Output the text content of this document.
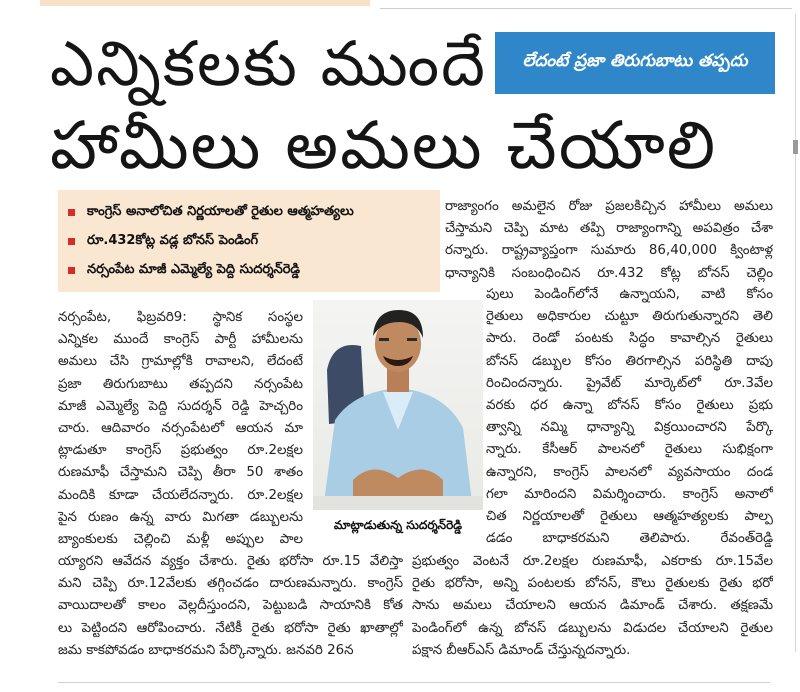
ఎన్నికలకు ముందే
హామీలు అమలు చేయాలి
లేదంటే ప్రజా తిరుగుబాటు తప్పదు
కాంగ్రెస్ అనాలోచిత నిర్ణయాలతో రైతుల ఆత్మహత్యలు
రూ.432కోట్ల వడ్ల బోనస్ పెండింగ్
నర్సంపేట మాజీ ఎమ్మెల్యే పెద్ది సుదర్శన్‌రెడ్డి
నర్సంపేట, ఫిబ్రవరి9: స్థానిక సంస్థల
ఎన్నికల ముందే కాంగ్రెస్ పార్టీ హామీలను
అమలు చేసి గ్రామాల్లోకి రావాలని, లేదంటే
ప్రజా తిరుగుబాటు తప్పదని నర్సంపేట
మాజీ ఎమ్మెల్యే పెద్ది సుదర్శన్ రెడ్డి హెచ్చరిం
చారు. ఆదివారం నర్సంపేటలో ఆయన మా
ట్లాడుతూ కాంగ్రెస్ ప్రభుత్వం రూ.2లక్షల
రుణమాఫీ చేస్తామని చెప్పి తీరా 50 శాతం
మందికి కూడా చేయలేదన్నారు. రూ.2లక్షల
పైన రుణం ఉన్న వారు మిగతా డబ్బులను
బ్యాంకులకు చెల్లించి మళ్లీ అప్పుల పాల
య్యారని ఆవేదన వ్యక్తం చేశారు. రైతు భరోసా రూ.15 వేలిస్తా
మని చెప్పి రూ.12వేలకు తగ్గించడం దారుణమన్నారు. కాంగ్రెస్
వాయిదాలతో కాలం వెల్లదీస్తుందని, పెట్టుబడి సాయానికి కోత
లు పెట్టిందని ఆరోపించారు. నేటికీ రైతు భరోసా రైతు ఖాతాల్లో
జమ కాకపోవడం బాధాకరమని పేర్కొన్నారు. జనవరి 26న
రాజ్యాంగం అమలైన రోజు ప్రజలకిచ్చిన హామీలు అమలు
చేస్తామని చెప్పి మాట తప్పి రాజ్యాంగాన్ని అపవిత్రం చేశా
రన్నారు. రాష్ట్రవ్యాప్తంగా సుమారు 86,40,000 క్వింటాళ్ల
ధాన్యానికి సంబంధించిన రూ.432 కోట్ల బోనస్ చెల్లిం
పులు పెండింగ్‌లోనే ఉన్నాయని, వాటి కోసం
రైతులు అధికారుల చుట్టూ తిరుగుతున్నారని తెలి
పారు. రెండో పంటకు సిద్ధం కావాల్సిన రైతులు
బోనస్ డబ్బుల కోసం తిరగాల్సిన పరిస్థితి దాపు
రించిందన్నారు. ప్రైవేట్ మార్కెట్‌లో రూ.3వేల
వరకు ధర ఉన్నా బోనస్ కోసం రైతులు ప్రభు
త్వాన్ని నమ్మి ధాన్యాన్ని విక్రయించారని పేర్కొ
న్నారు. కేసీఆర్ పాలనలో రైతులు సుభిక్షంగా
ఉన్నారని, కాంగ్రెస్ పాలనలో వ్యవసాయం దండ
గలా మారిందని విమర్శించారు. కాంగ్రెస్ అనాలో
చిత నిర్ణయాలతో రైతులు ఆత్మహత్యలకు పాల్ప
డడం బాధాకరమని తెలిపారు. రేవంత్‌రెడ్డి
ప్రభుత్వం వెంటనే రూ.2లక్షల రుణమాఫీ, ఎకరాకు రూ.15వేల
రైతు భరోసా, అన్ని పంటలకు బోనస్, కౌలు రైతులకు రైతు భరో
సాను అమలు చేయాలని ఆయన డిమాండ్ చేశారు. తక్షణమే
పెండింగ్‌లో ఉన్న బోనస్ డబ్బులను విడుదల చేయాలని రైతుల
పక్షాన బీఆర్ఎస్ డిమాండ్ చేస్తున్నదన్నారు.
మాట్లాడుతున్న సుదర్శన్‌రెడ్డి
